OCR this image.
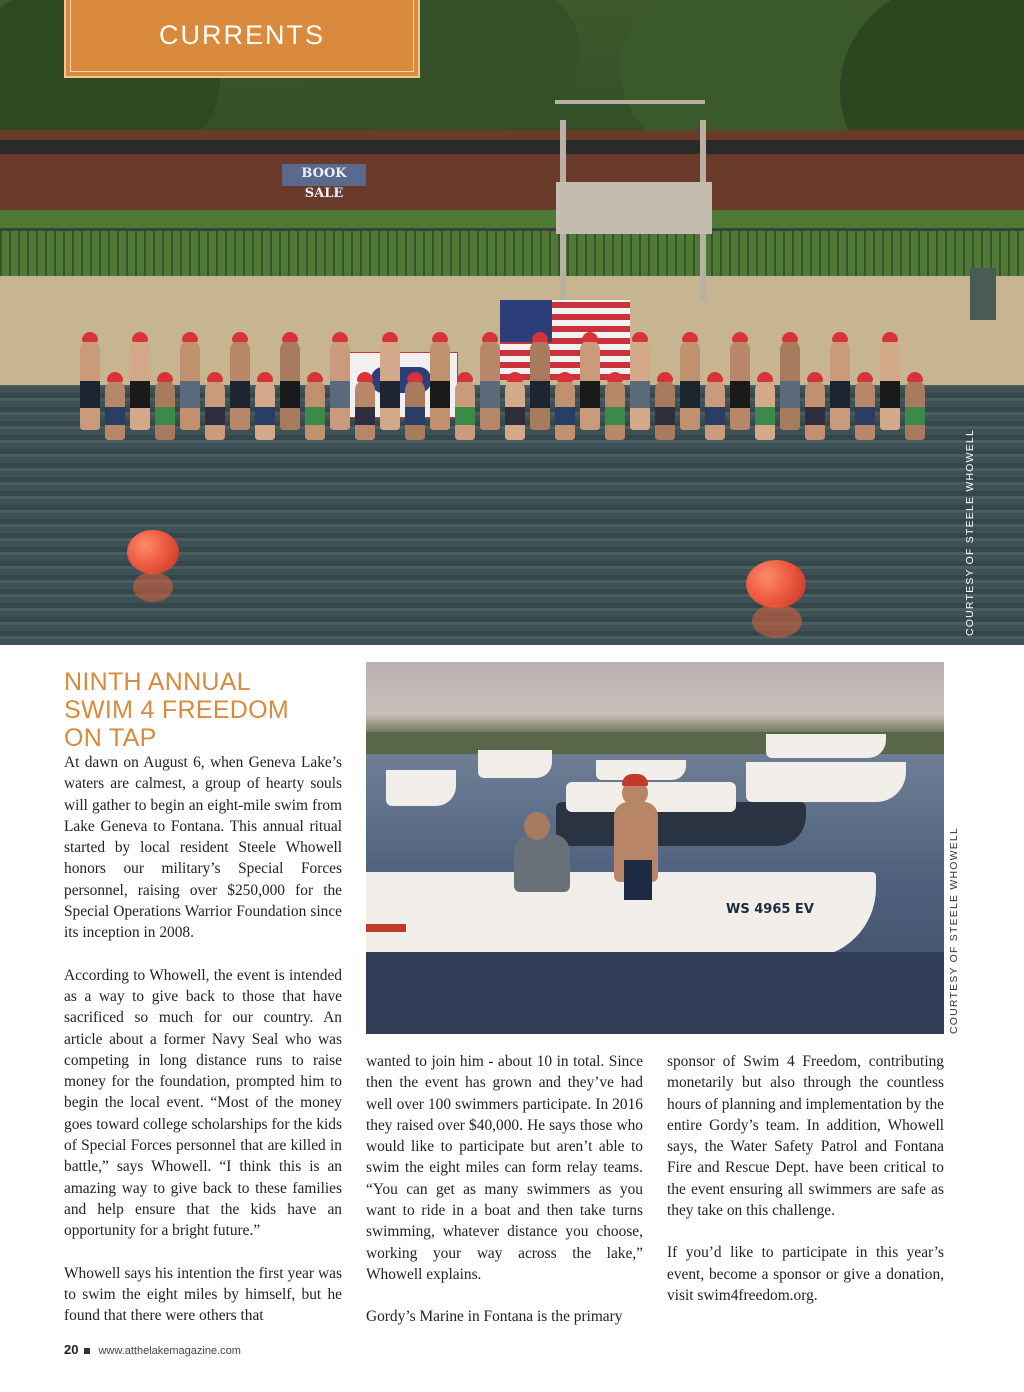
BOOK SALE
CURRENTS
COURTESY OF STEELE WHOWELL
NINTH ANNUAL
SWIM 4 FREEDOM
ON TAP
WS 4965 EV	COURTESY OF STEELE WHOWELL

At dawn on August 6, when Geneva Lake’s waters are calmest, a group of hearty souls will gather to begin an eight-mile swim from Lake Geneva to Fontana. This annual ritual started by local resident Steele Whowell honors our military’s Special Forces personnel, raising over $250,000 for the Special Operations Warrior Foundation since its inception in 2008.

According to Whowell, the event is intended as a way to give back to those that have sacrificed so much for our country. An article about a former Navy Seal who was competing in long distance runs to raise money for the foundation, prompted him to begin the local event. “Most of the money goes toward college scholarships for the kids of Special Forces personnel that are killed in battle,” says Whowell. “I think this is an amazing way to give back to these families and help ensure that the kids have an opportunity for a bright future.”

Whowell says his intention the first year was to swim the eight miles by himself, but he found that there were others that

wanted to join him - about 10 in total. Since then the event has grown and they’ve had well over 100 swimmers participate. In 2016 they raised over $40,000. He says those who would like to participate but aren’t able to swim the eight miles can form relay teams. “You can get as many swimmers as you want to ride in a boat and then take turns swimming, whatever distance you choose, working your way across the lake,” Whowell explains.

Gordy’s Marine in Fontana is the primary

sponsor of Swim 4 Freedom, contributing monetarily but also through the countless hours of planning and implementation by the entire Gordy’s team. In addition, Whowell says, the Water Safety Patrol and Fontana Fire and Rescue Dept. have been critical to the event ensuring all swimmers are safe as they take on this challenge.

If you’d like to participate in this year’s event, become a sponsor or give a donation, visit swim4freedom.org.

20 www.atthelakemagazine.com
